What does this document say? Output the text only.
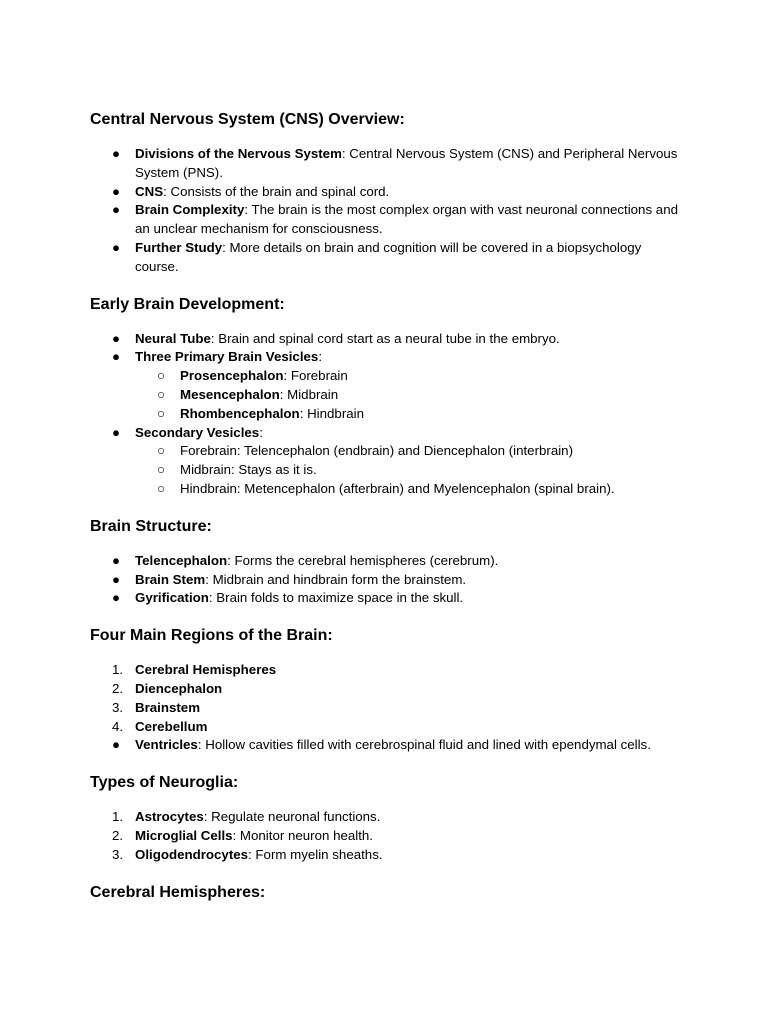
Central Nervous System (CNS) Overview:
●	Divisions of the Nervous System: Central Nervous System (CNS) and Peripheral Nervous System (PNS).
●	CNS: Consists of the brain and spinal cord.
●	Brain Complexity: The brain is the most complex organ with vast neuronal connections and an unclear mechanism for consciousness.
●	Further Study: More details on brain and cognition will be covered in a biopsychology course.
Early Brain Development:
●	Neural Tube: Brain and spinal cord start as a neural tube in the embryo.
●	Three Primary Brain Vesicles:
○	Prosencephalon: Forebrain
○	Mesencephalon: Midbrain
○	Rhombencephalon: Hindbrain
●	Secondary Vesicles:
○	Forebrain: Telencephalon (endbrain) and Diencephalon (interbrain)
○	Midbrain: Stays as it is.
○	Hindbrain: Metencephalon (afterbrain) and Myelencephalon (spinal brain).
Brain Structure:
●	Telencephalon: Forms the cerebral hemispheres (cerebrum).
●	Brain Stem: Midbrain and hindbrain form the brainstem.
●	Gyrification: Brain folds to maximize space in the skull.
Four Main Regions of the Brain:
1. Cerebral Hemispheres
2. Diencephalon
3. Brainstem
4. Cerebellum
●	Ventricles: Hollow cavities filled with cerebrospinal fluid and lined with ependymal cells.
Types of Neuroglia:
1. Astrocytes: Regulate neuronal functions.
2. Microglial Cells: Monitor neuron health.
3. Oligodendrocytes: Form myelin sheaths.
Cerebral Hemispheres:
